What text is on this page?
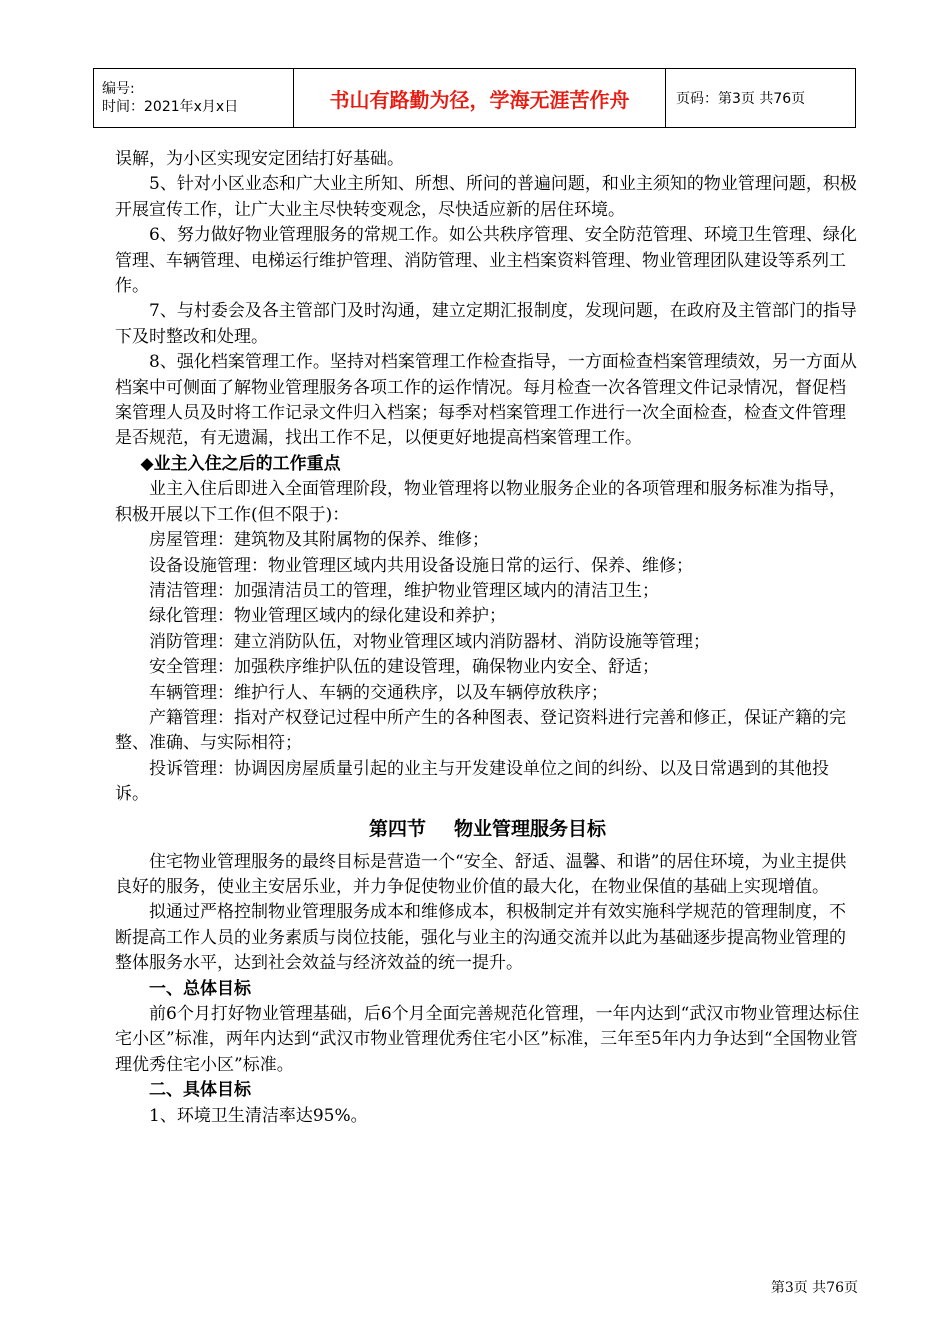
编号:
时间：2021年x月x日	书山有路勤为径，学海无涯苦作舟	页码：第3页 共76页

误解，为小区实现安定团结打好基础。

5、针对小区业态和广大业主所知、所想、所问的普遍问题，和业主须知的物业管理问题，积极开展宣传工作，让广大业主尽快转变观念，尽快适应新的居住环境。

6、努力做好物业管理服务的常规工作。如公共秩序管理、安全防范管理、环境卫生管理、绿化管理、车辆管理、电梯运行维护管理、消防管理、业主档案资料管理、物业管理团队建设等系列工作。

7、与村委会及各主管部门及时沟通，建立定期汇报制度，发现问题，在政府及主管部门的指导下及时整改和处理。

8、强化档案管理工作。坚持对档案管理工作检查指导，一方面检查档案管理绩效，另一方面从档案中可侧面了解物业管理服务各项工作的运作情况。每月检查一次各管理文件记录情况，督促档案管理人员及时将工作记录文件归入档案；每季对档案管理工作进行一次全面检查，检查文件管理是否规范，有无遗漏，找出工作不足，以便更好地提高档案管理工作。

◆业主入住之后的工作重点

业主入住后即进入全面管理阶段，物业管理将以物业服务企业的各项管理和服务标准为指导，积极开展以下工作(但不限于)：

房屋管理：建筑物及其附属物的保养、维修；

设备设施管理：物业管理区域内共用设备设施日常的运行、保养、维修；

清洁管理：加强清洁员工的管理，维护物业管理区域内的清洁卫生；

绿化管理：物业管理区域内的绿化建设和养护；

消防管理：建立消防队伍，对物业管理区域内消防器材、消防设施等管理；

安全管理：加强秩序维护队伍的建设管理，确保物业内安全、舒适；

车辆管理：维护行人、车辆的交通秩序，以及车辆停放秩序；

产籍管理：指对产权登记过程中所产生的各种图表、登记资料进行完善和修正，保证产籍的完整、准确、与实际相符；

投诉管理：协调因房屋质量引起的业主与开发建设单位之间的纠纷、以及日常遇到的其他投诉。

第四节 物业管理服务目标

住宅物业管理服务的最终目标是营造一个“安全、舒适、温馨、和谐”的居住环境，为业主提供良好的服务，使业主安居乐业，并力争促使物业价值的最大化，在物业保值的基础上实现增值。

拟通过严格控制物业管理服务成本和维修成本，积极制定并有效实施科学规范的管理制度，不断提高工作人员的业务素质与岗位技能，强化与业主的沟通交流并以此为基础逐步提高物业管理的整体服务水平，达到社会效益与经济效益的统一提升。

一、总体目标

前6个月打好物业管理基础，后6个月全面完善规范化管理，一年内达到“武汉市物业管理达标住宅小区”标准，两年内达到“武汉市物业管理优秀住宅小区”标准，三年至5年内力争达到“全国物业管理优秀住宅小区”标准。

二、具体目标

1、环境卫生清洁率达95%。

第3页 共76页
